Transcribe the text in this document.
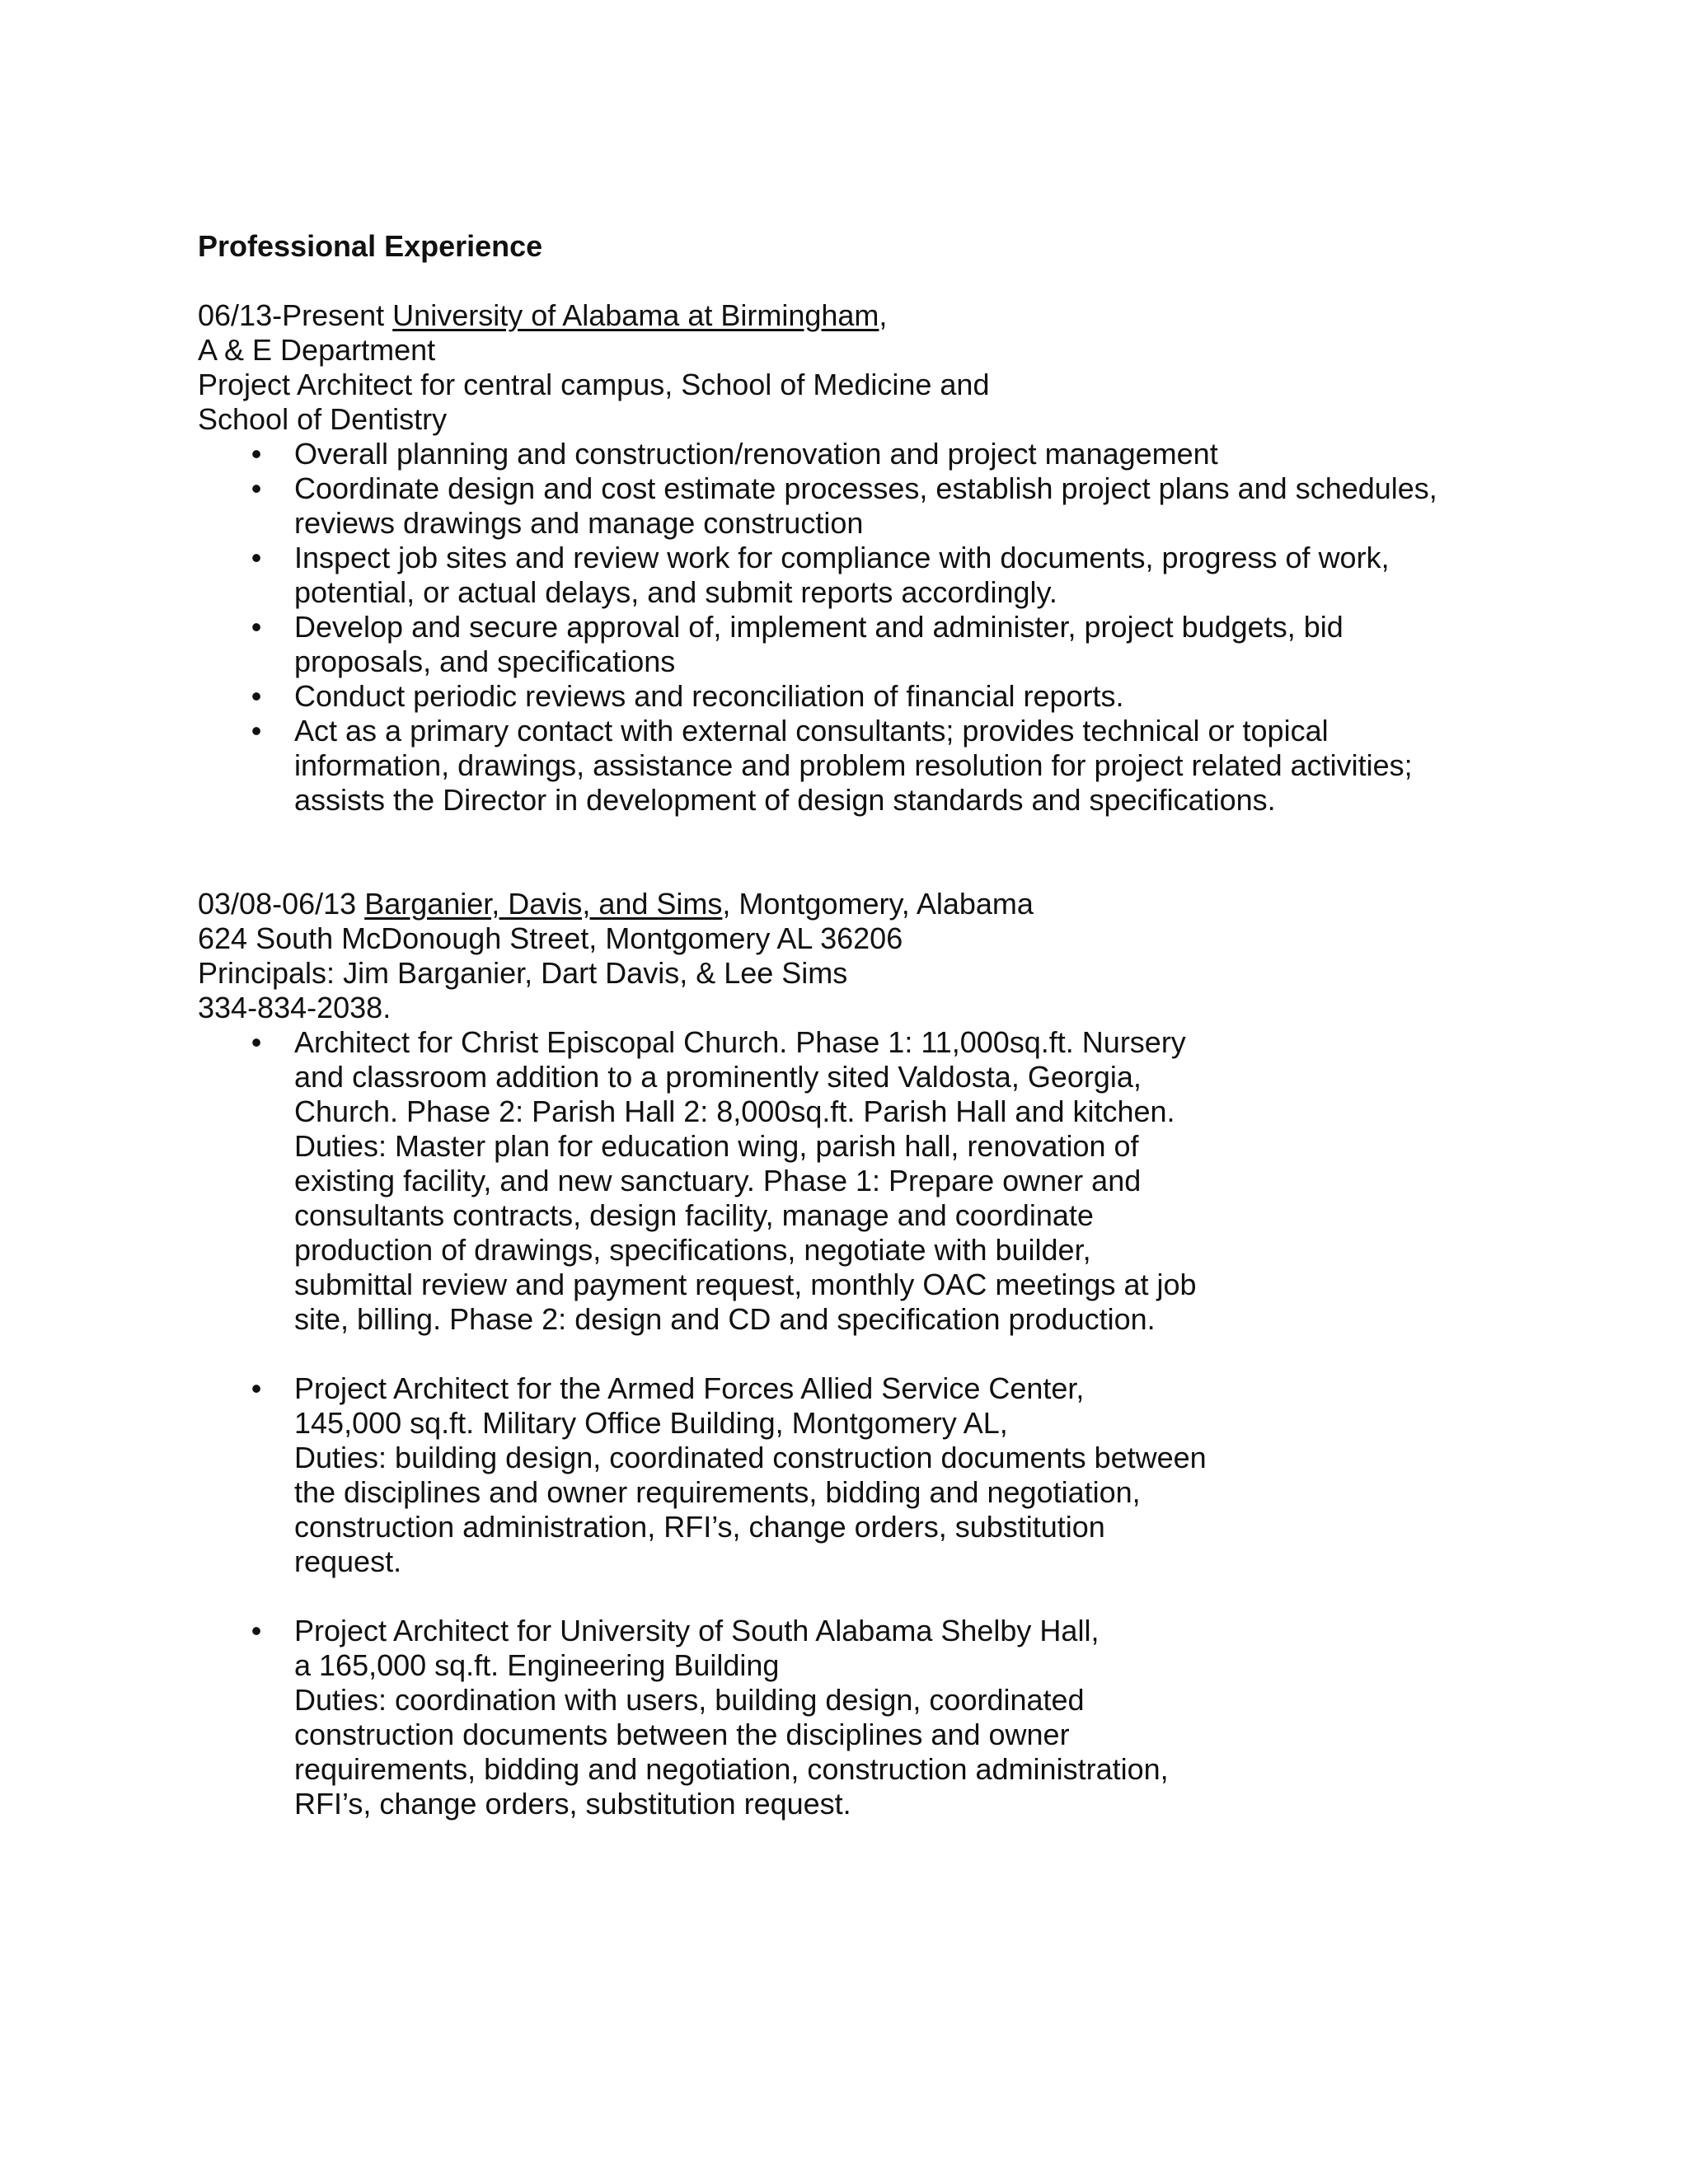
Professional Experience

06/13-Present University of Alabama at Birmingham,

A & E Department

Project Architect for central campus, School of Medicine and

School of Dentistry

• Overall planning and construction/renovation and project management
• Coordinate design and cost estimate processes, establish project plans and schedules,
reviews drawings and manage construction
• Inspect job sites and review work for compliance with documents, progress of work,
potential, or actual delays, and submit reports accordingly.
• Develop and secure approval of, implement and administer, project budgets, bid
proposals, and specifications
• Conduct periodic reviews and reconciliation of financial reports.
• Act as a primary contact with external consultants; provides technical or topical
information, drawings, assistance and problem resolution for project related activities;
assists the Director in development of design standards and specifications.

03/08-06/13 Barganier, Davis, and Sims, Montgomery, Alabama

624 South McDonough Street, Montgomery AL 36206

Principals: Jim Barganier, Dart Davis, & Lee Sims

334-834-2038.

• Architect for Christ Episcopal Church. Phase 1: 11,000sq.ft. Nursery
and classroom addition to a prominently sited Valdosta, Georgia,
Church. Phase 2: Parish Hall 2: 8,000sq.ft. Parish Hall and kitchen.
Duties: Master plan for education wing, parish hall, renovation of
existing facility, and new sanctuary. Phase 1: Prepare owner and
consultants contracts, design facility, manage and coordinate
production of drawings, specifications, negotiate with builder,
submittal review and payment request, monthly OAC meetings at job
site, billing. Phase 2: design and CD and specification production.
• Project Architect for the Armed Forces Allied Service Center,
145,000 sq.ft. Military Office Building, Montgomery AL,
Duties: building design, coordinated construction documents between
the disciplines and owner requirements, bidding and negotiation,
construction administration, RFI’s, change orders, substitution
request.
• Project Architect for University of South Alabama Shelby Hall,
a 165,000 sq.ft. Engineering Building
Duties: coordination with users, building design, coordinated
construction documents between the disciplines and owner
requirements, bidding and negotiation, construction administration,
RFI’s, change orders, substitution request.
